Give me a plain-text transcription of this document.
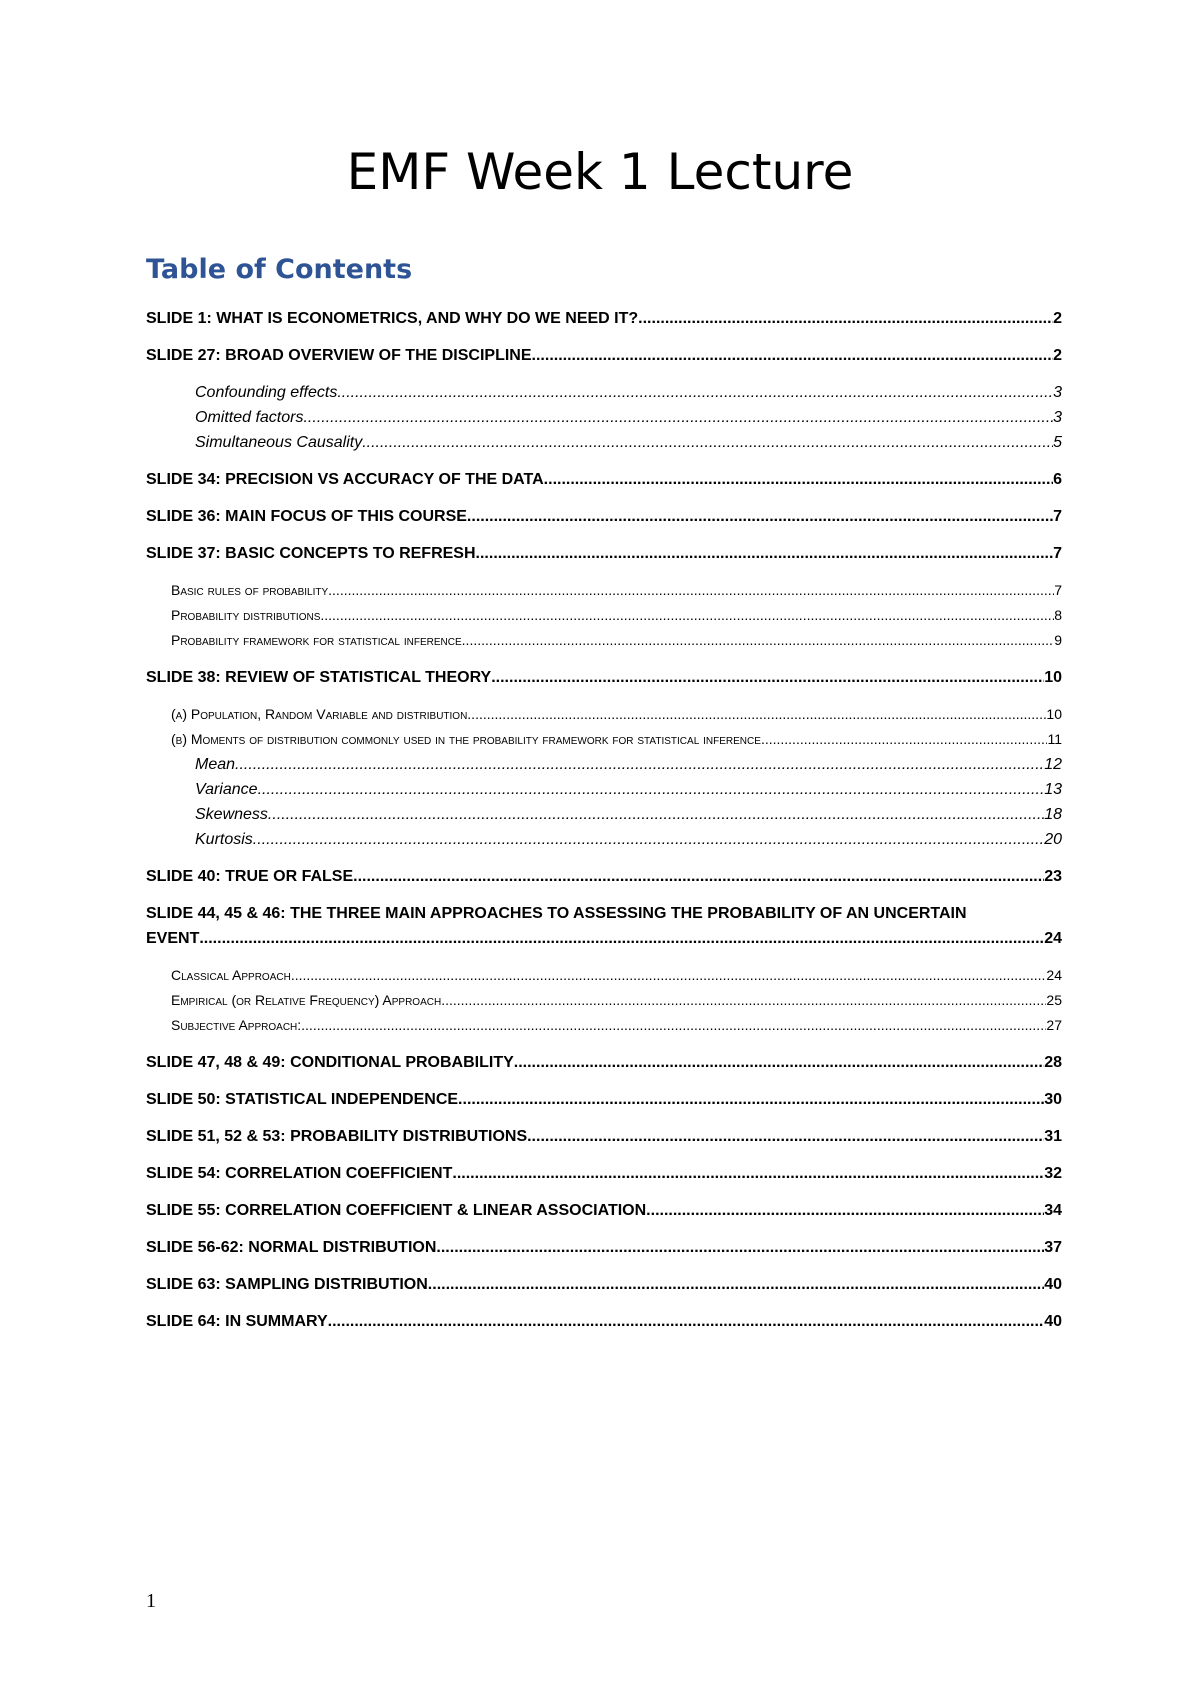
EMF Week 1 Lecture
Table of Contents
SLIDE 1: WHAT IS ECONOMETRICS, AND WHY DO WE NEED IT? .....	2
SLIDE 27: BROAD OVERVIEW OF THE DISCIPLINE .....	2
Confounding effects .....	3
Omitted factors .....	3
Simultaneous Causality .....	5
SLIDE 34: PRECISION VS ACCURACY OF THE DATA .....	6
SLIDE 36: MAIN FOCUS OF THIS COURSE .....	7
SLIDE 37: BASIC CONCEPTS TO REFRESH .....	7
Basic rules of probability .....	7
Probability distributions .....	8
Probability framework for statistical inference .....	9
SLIDE 38: REVIEW OF STATISTICAL THEORY .....	10
(a) Population, Random Variable and distribution .....	10
(b) Moments of distribution commonly used in the probability framework for statistical inference .....	11
Mean .....	12
Variance .....	13
Skewness .....	18
Kurtosis .....	20
SLIDE 40: TRUE OR FALSE .....	23
SLIDE 44, 45 & 46: THE THREE MAIN APPROACHES TO ASSESSING THE PROBABILITY OF AN UNCERTAIN
EVENT .....	24
Classical Approach .....	24
Empirical (or Relative Frequency) Approach .....	25
Subjective Approach: .....	27
SLIDE 47, 48 & 49: CONDITIONAL PROBABILITY .....	28
SLIDE 50: STATISTICAL INDEPENDENCE .....	30
SLIDE 51, 52 & 53: PROBABILITY DISTRIBUTIONS .....	31
SLIDE 54: CORRELATION COEFFICIENT .....	32
SLIDE 55: CORRELATION COEFFICIENT & LINEAR ASSOCIATION .....	34
SLIDE 56-62: NORMAL DISTRIBUTION .....	37
SLIDE 63: SAMPLING DISTRIBUTION .....	40
SLIDE 64: IN SUMMARY .....	40
1
